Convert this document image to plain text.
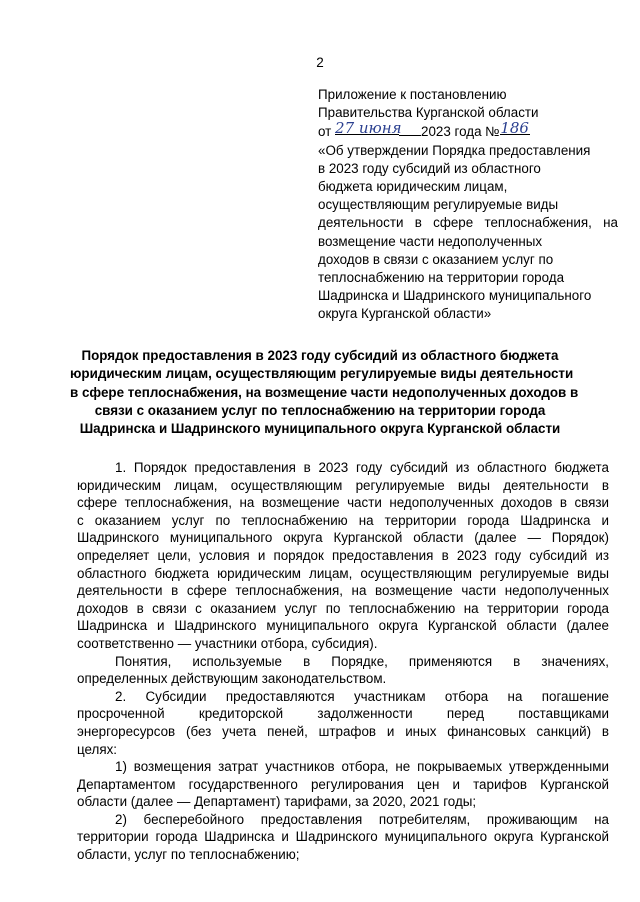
2
Приложение к постановлению
Правительства Курганской области
от 27 июня 2023 года №186
«Об утверждении Порядка предоставления
в 2023 году субсидий из областного
бюджета юридическим лицам,
осуществляющим регулируемые виды
деятельности в сфере теплоснабжения, на
возмещение части недополученных
доходов в связи с оказанием услуг по
теплоснабжению на территории города
Шадринска и Шадринского муниципального
округа Курганской области»
Порядок предоставления в 2023 году субсидий из областного бюджета
юридическим лицам, осуществляющим регулируемые виды деятельности
в сфере теплоснабжения, на возмещение части недополученных доходов в
связи с оказанием услуг по теплоснабжению на территории города
Шадринска и Шадринского муниципального округа Курганской области
1. Порядок предоставления в 2023 году субсидий из областного бюджета
юридическим лицам, осуществляющим регулируемые виды деятельности в
сфере теплоснабжения, на возмещение части недополученных доходов в связи
с оказанием услуг по теплоснабжению на территории города Шадринска и
Шадринского муниципального округа Курганской области (далее — Порядок)
определяет цели, условия и порядок предоставления в 2023 году субсидий из
областного бюджета юридическим лицам, осуществляющим регулируемые виды
деятельности в сфере теплоснабжения, на возмещение части недополученных
доходов в связи с оказанием услуг по теплоснабжению на территории города
Шадринска и Шадринского муниципального округа Курганской области (далее
соответственно — участники отбора, субсидия).
Понятия, используемые в Порядке, применяются в значениях,
определенных действующим законодательством.
2. Субсидии предоставляются участникам отбора на погашение
просроченной кредиторской задолженности перед поставщиками
энергоресурсов (без учета пеней, штрафов и иных финансовых санкций) в
целях:
1) возмещения затрат участников отбора, не покрываемых утвержденными
Департаментом государственного регулирования цен и тарифов Курганской
области (далее — Департамент) тарифами, за 2020, 2021 годы;
2) бесперебойного предоставления потребителям, проживающим на
территории города Шадринска и Шадринского муниципального округа Курганской
области, услуг по теплоснабжению;
